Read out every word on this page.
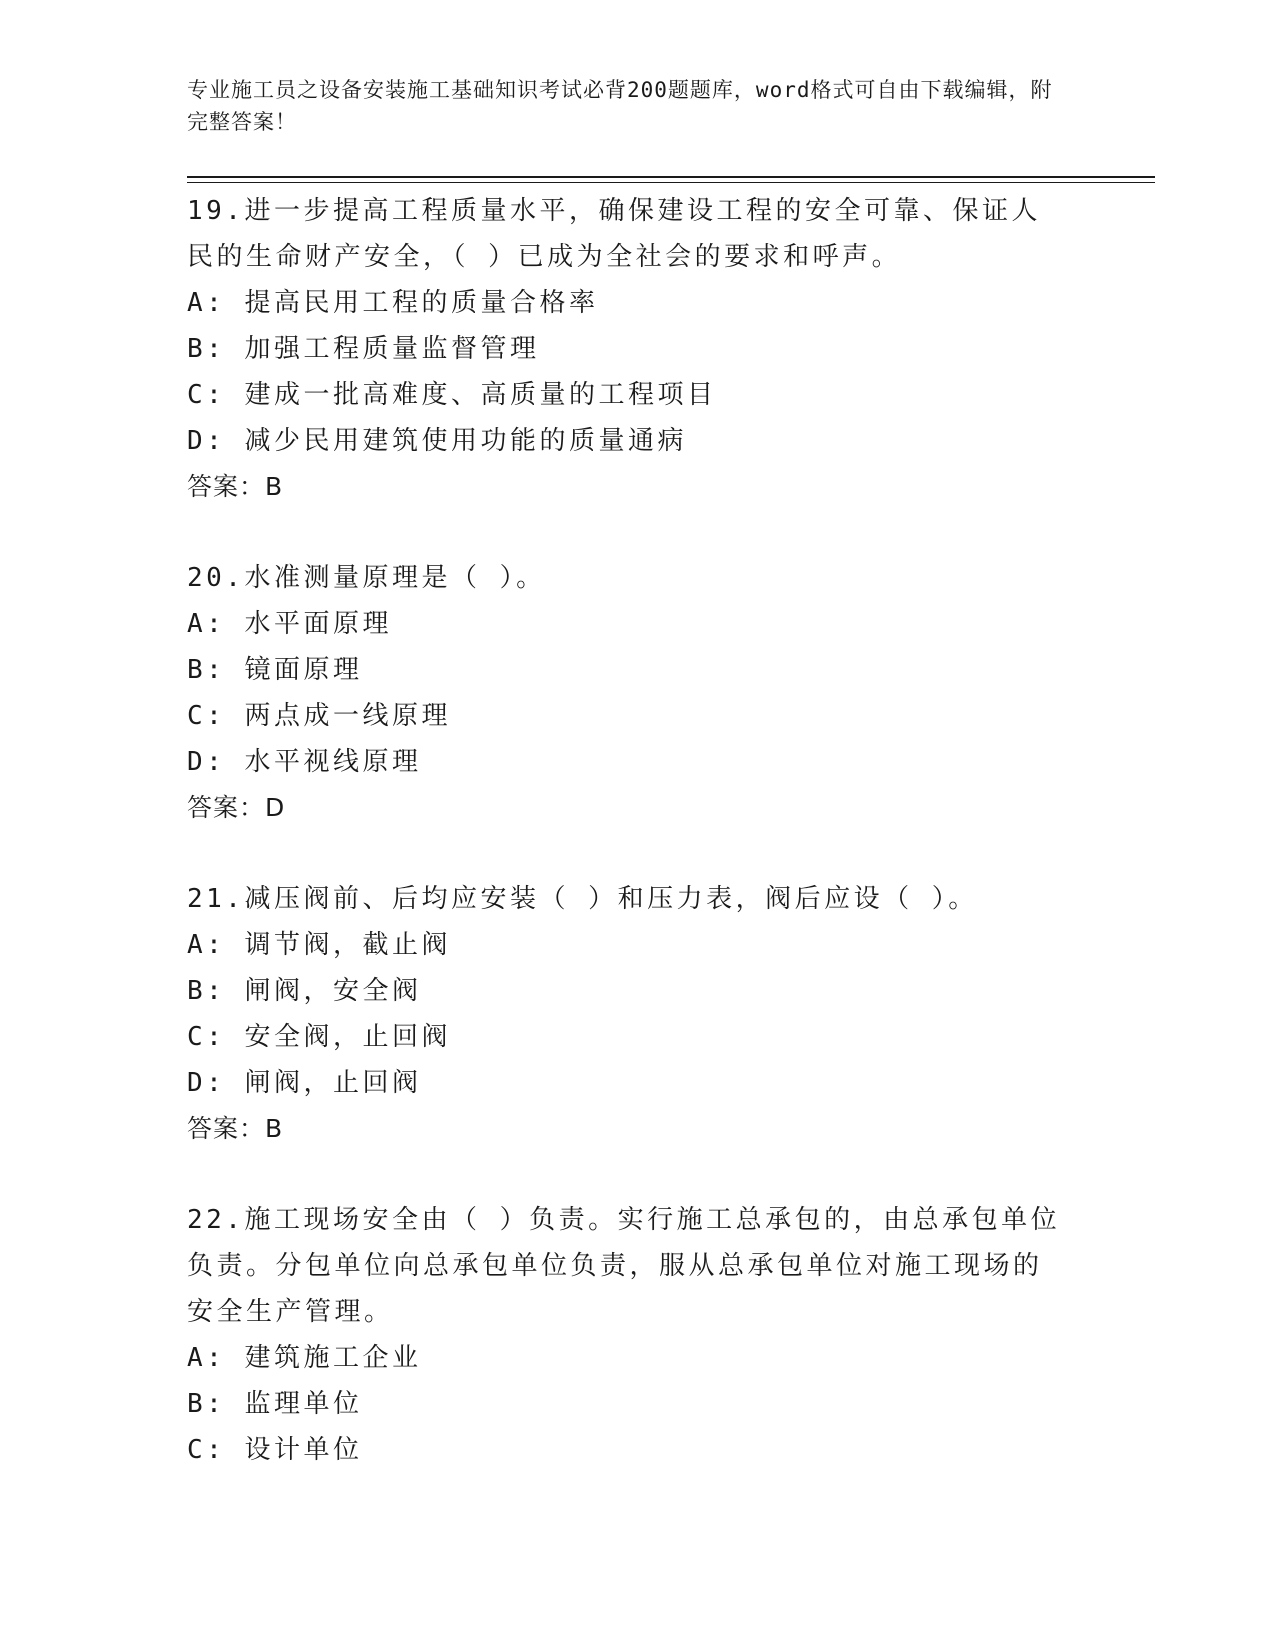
专业施工员之设备安装施工基础知识考试必背200题题库，word格式可自由下载编辑，附完整答案！
19.进一步提高工程质量水平，确保建设工程的安全可靠、保证人民的生命财产安全，（ ）已成为全社会的要求和呼声。
A: 提高民用工程的质量合格率
B: 加强工程质量监督管理
C: 建成一批高难度、高质量的工程项目
D: 减少民用建筑使用功能的质量通病
答案：B
20.水准测量原理是（ ）。
A: 水平面原理
B: 镜面原理
C: 两点成一线原理
D: 水平视线原理
答案：D
21.减压阀前、后均应安装（ ）和压力表，阀后应设（ ）。
A: 调节阀，截止阀
B: 闸阀，安全阀
C: 安全阀，止回阀
D: 闸阀，止回阀
答案：B
22.施工现场安全由（ ）负责。实行施工总承包的，由总承包单位负责。分包单位向总承包单位负责，服从总承包单位对施工现场的安全生产管理。
A: 建筑施工企业
B: 监理单位
C: 设计单位
